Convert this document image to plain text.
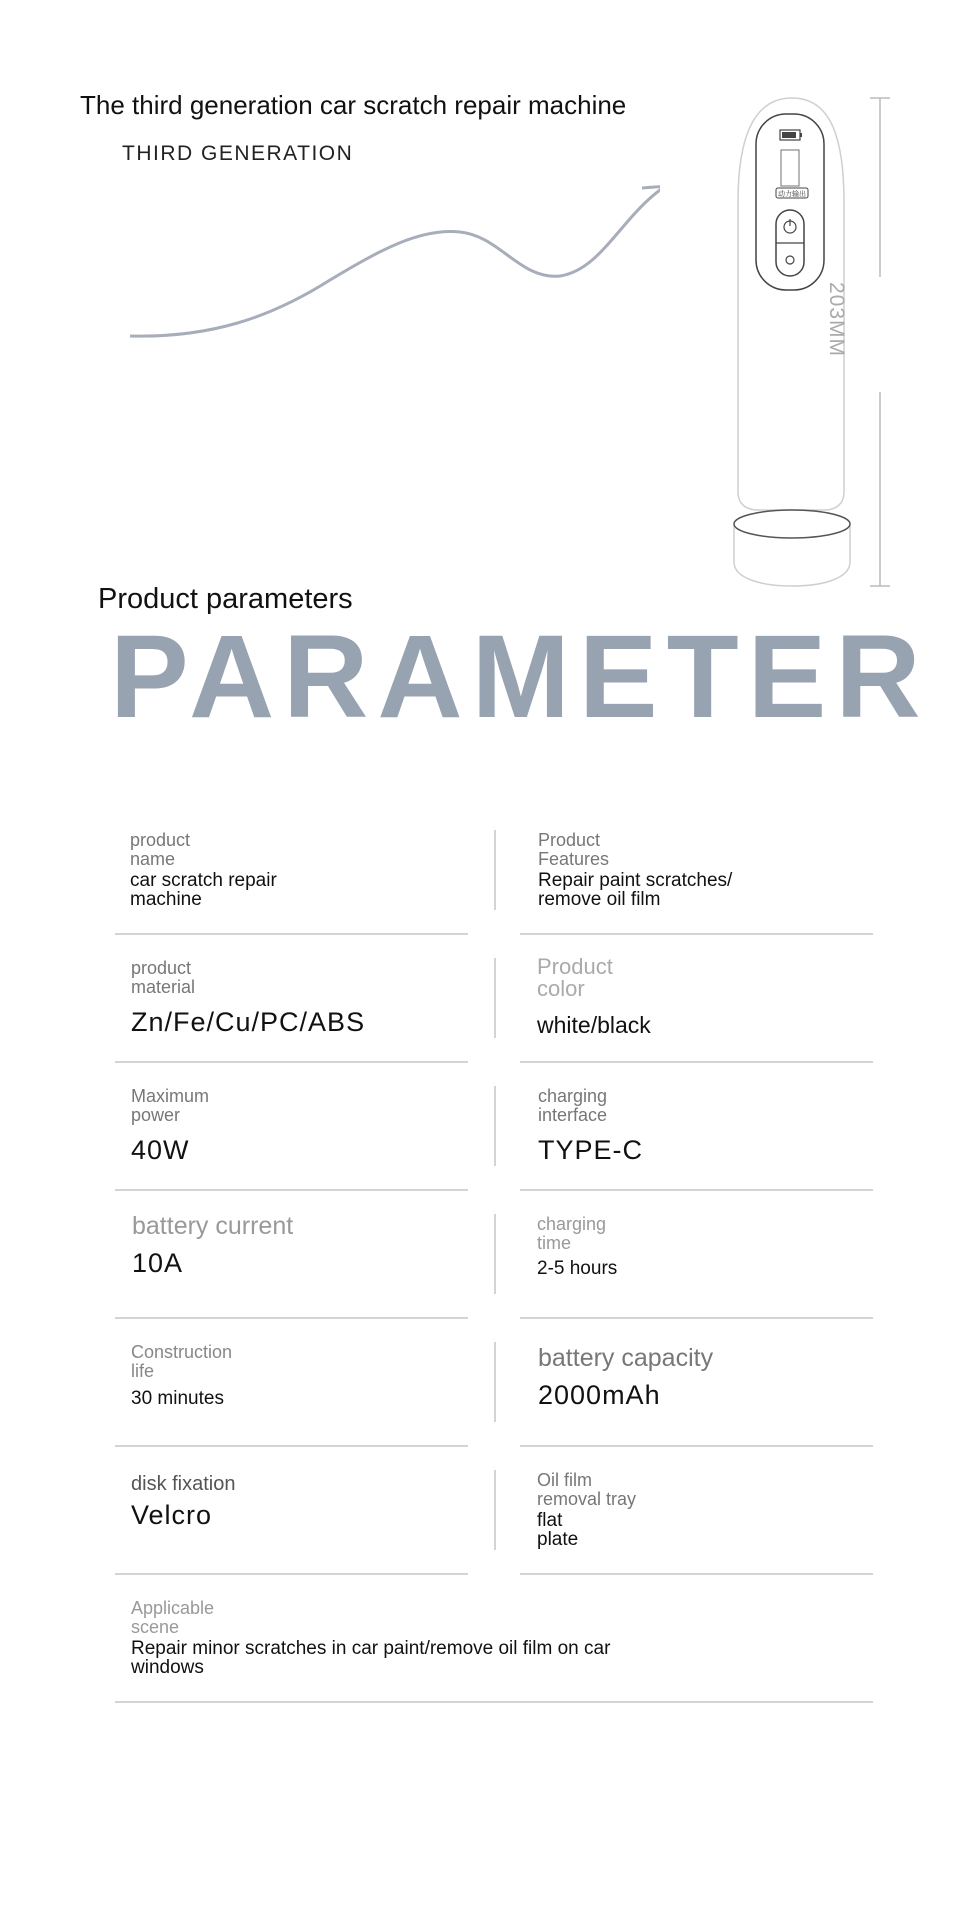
The third generation car scratch repair machine
THIRD GENERATION
动力输出
203MM
Product parameters
PARAMETER
product
name
car scratch repair
machine
Product
Features
Repair paint scratches/
remove oil film
product
material
Zn/Fe/Cu/PC/ABS
Product
color
white/black
Maximum
power
40W
charging
interface
TYPE-C
battery current
10A
charging
time
2-5 hours
Construction
life
30 minutes
battery capacity
2000mAh
disk fixation
Velcro
Oil film
removal tray
flat
plate
Applicable
scene
Repair minor scratches in car paint/remove oil film on car
windows
